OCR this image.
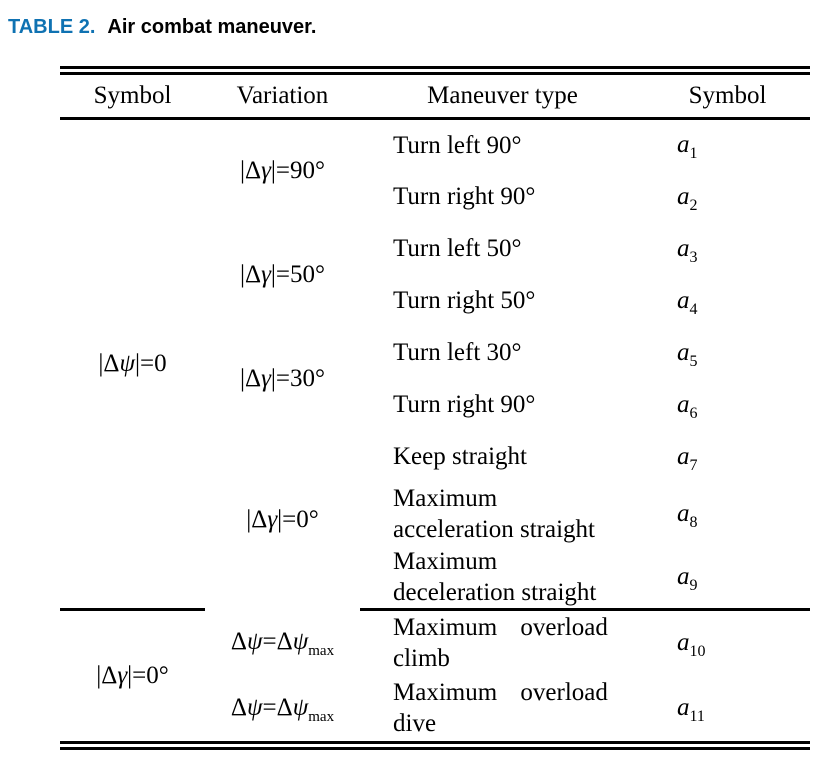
TABLE 2. Air combat maneuver.
Symbol	Variation	Maneuver type	Symbol
|Δψ|=0	|Δγ|=90°	Turn left 90°	$a_1$

		Turn right 90°	$a_2$
	|Δγ|=50°	Turn left 50°	$a_3$

		Turn right 50°	$a_4$
	|Δγ|=30°	Turn left 30°	$a_5$

		Turn right 90°	$a_6$
	|Δγ|=0°	Keep straight	$a_7$

		Maximum
acceleration straight	$a_8$

		Maximum
deceleration straight	$a_9$
|Δγ|=0°	$\Delta\psi=\Delta\psi_{max}$	Maximum overload
climb	$a_{10}$
	$\Delta\psi=\Delta\psi_{max}$	Maximum overload
dive	$a_{11}$
